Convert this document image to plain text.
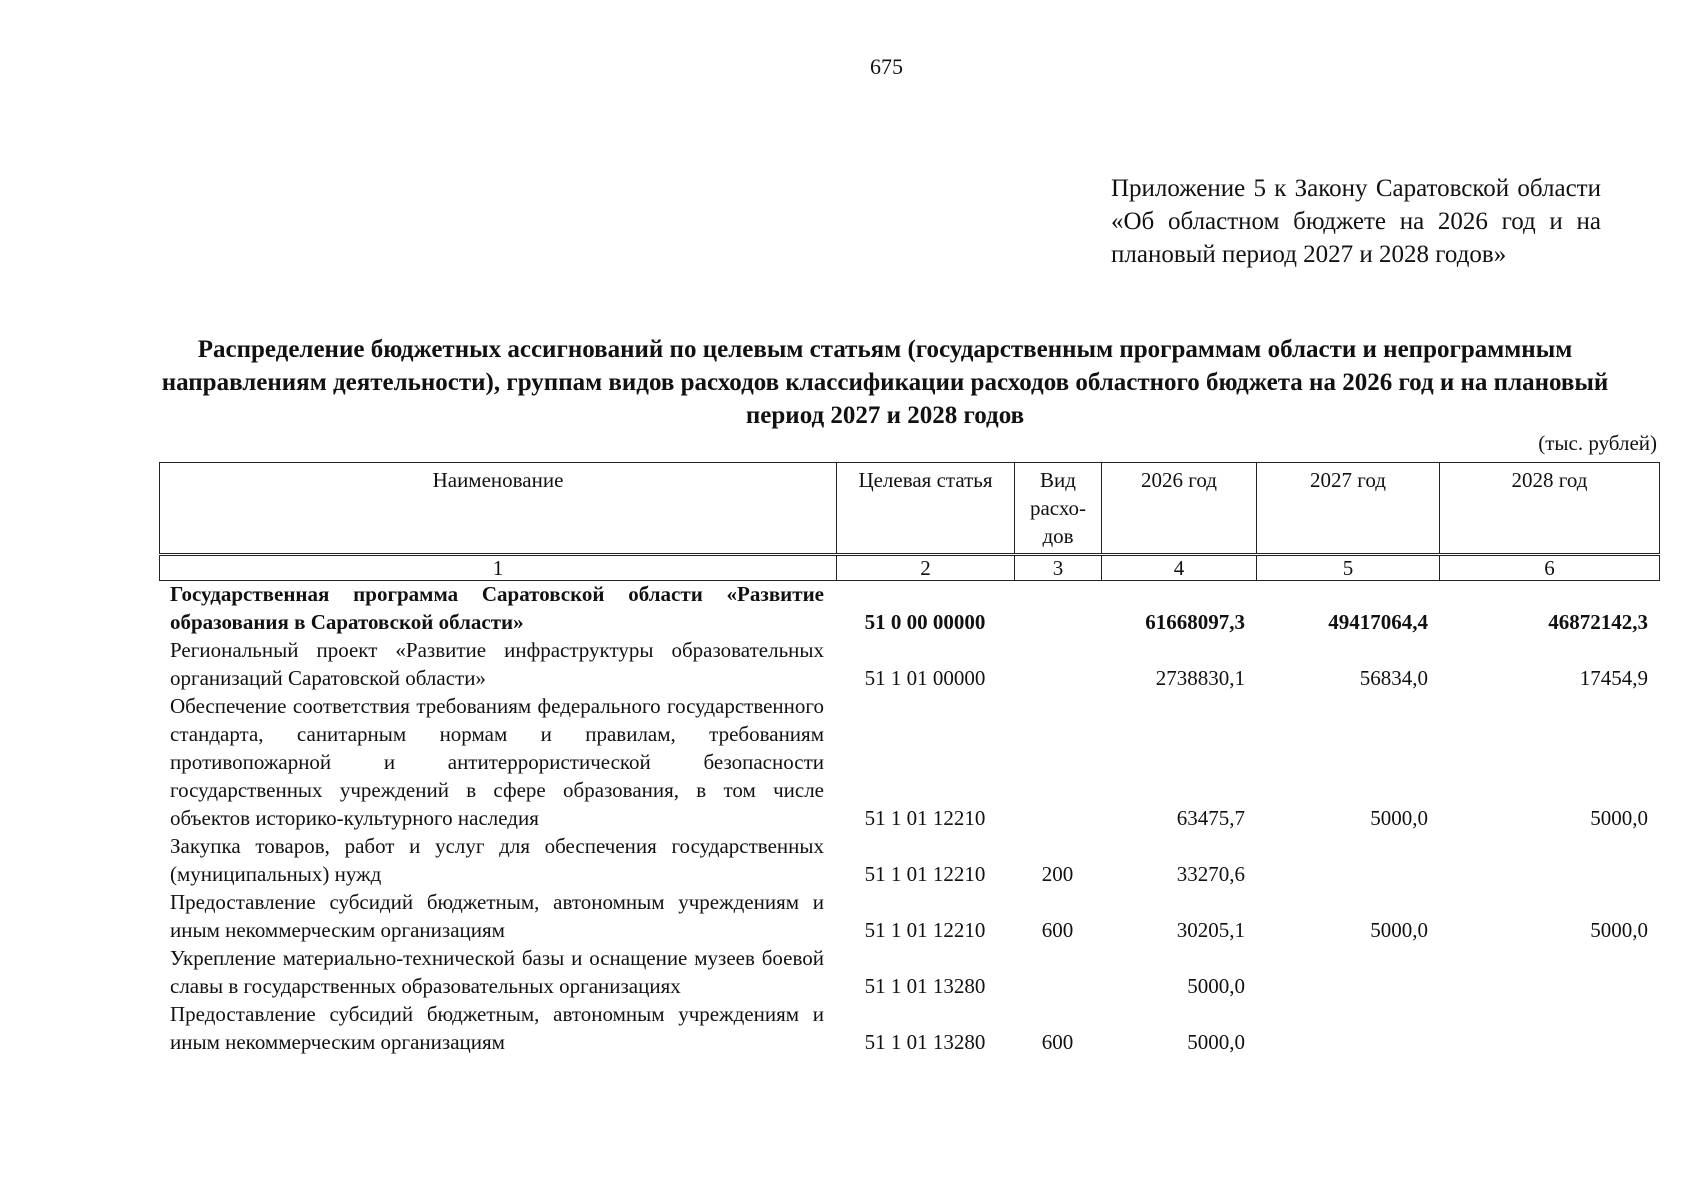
675
Приложение 5 к Закону Саратовской области «Об областном бюджете на 2026 год и на плановый период 2027 и 2028 годов»
Распределение бюджетных ассигнований по целевым статьям (государственным программам области и непрограммным направлениям деятельности), группам видов расходов классификации расходов областного бюджета на 2026 год и на плановый период 2027 и 2028 годов
(тыс. рублей)
Наименование	Целевая статья	Вид расхо- дов	2026 год	2027 год	2028 год
1	2	3	4	5	6
Государственная программа Саратовской области «Развитие образования в Саратовской области»	51 0 00 00000		61668097,3	49417064,4	46872142,3
Региональный проект «Развитие инфраструктуры образовательных организаций Саратовской области»	51 1 01 00000		2738830,1	56834,0	17454,9
Обеспечение соответствия требованиям федерального государственного стандарта, санитарным нормам и правилам, требованиям противопожарной и антитеррористической безопасности государственных учреждений в сфере образования, в том числе объектов историко-культурного наследия	51 1 01 12210		63475,7	5000,0	5000,0
Закупка товаров, работ и услуг для обеспечения государственных (муниципальных) нужд	51 1 01 12210	200	33270,6		
Предоставление субсидий бюджетным, автономным учреждениям и иным некоммерческим организациям	51 1 01 12210	600	30205,1	5000,0	5000,0
Укрепление материально-технической базы и оснащение музеев боевой славы в государственных образовательных организациях	51 1 01 13280		5000,0		
Предоставление субсидий бюджетным, автономным учреждениям и иным некоммерческим организациям	51 1 01 13280	600	5000,0		
